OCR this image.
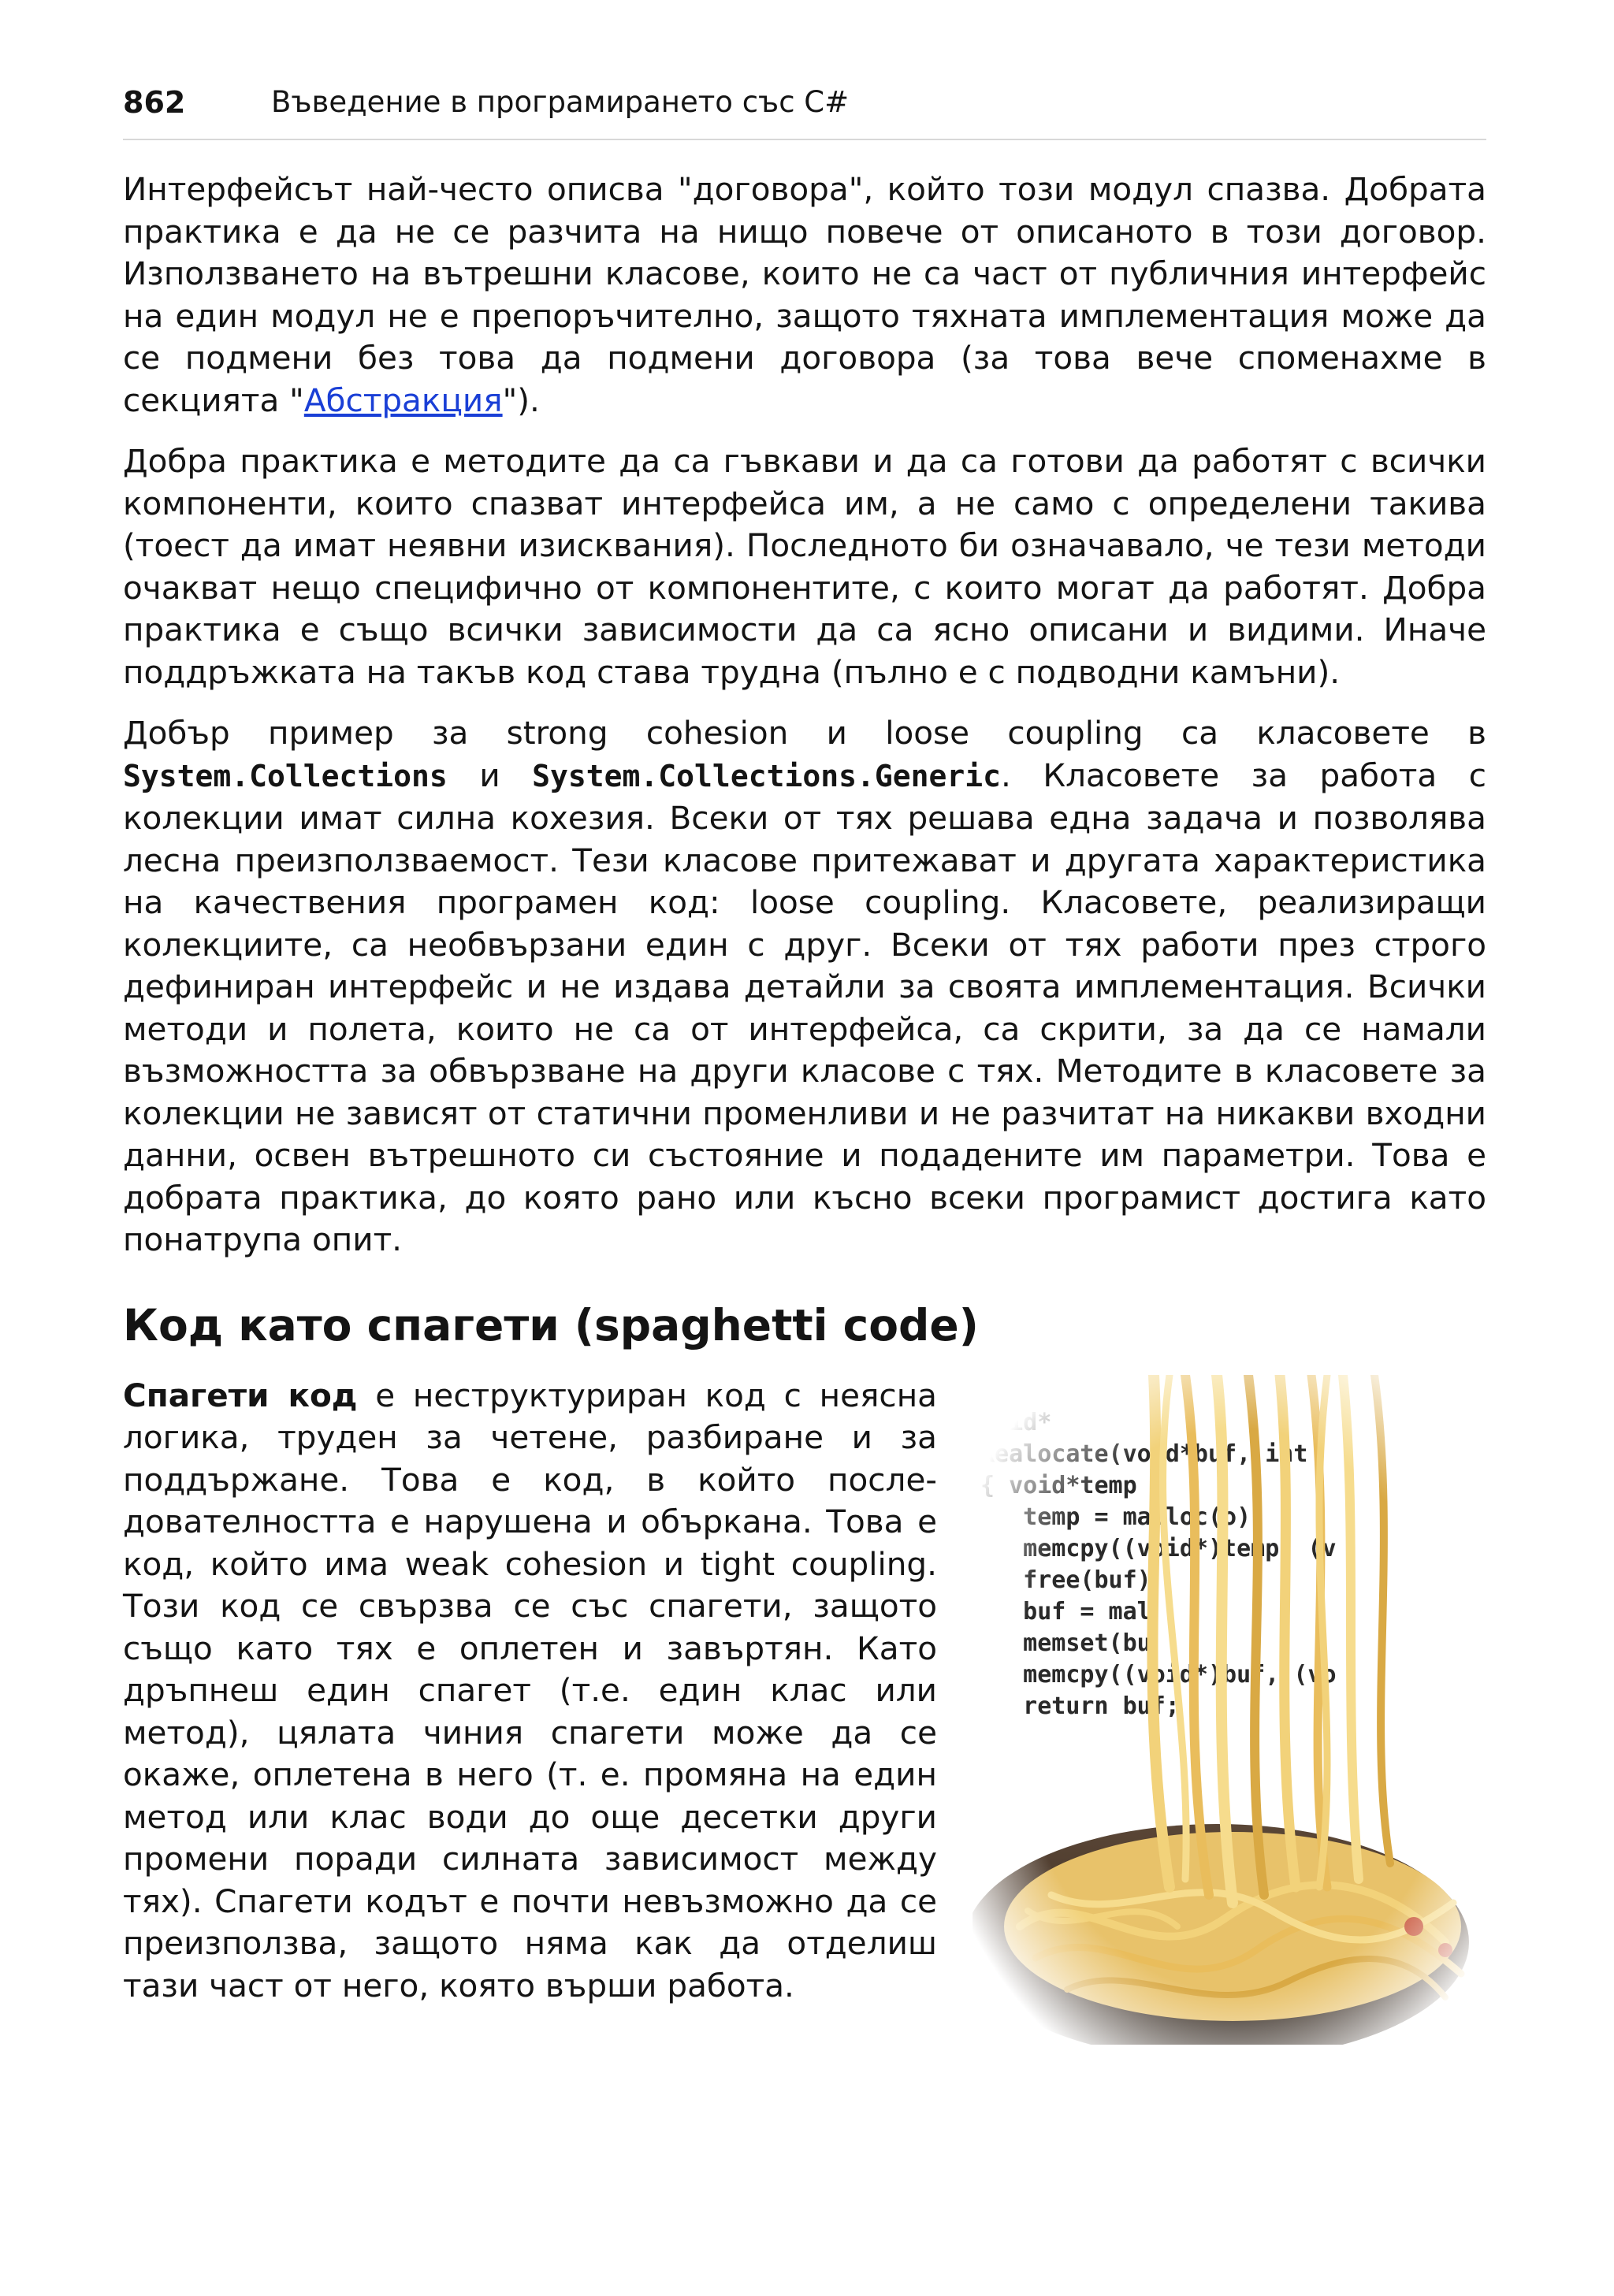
862	Въведение в програмирането със C#

Интерфейсът най-често описва "договора", който този модул спазва. Добрата практика е да не се разчита на нищо повече от описаното в този договор. Използването на вътрешни класове, които не са част от публичния интерфейс на един модул не е препоръчително, защото тяхната имплементация може да се подмени без това да подмени договора (за това вече споменахме в секцията "Абстракция").

Добра практика е методите да са гъвкави и да са готови да работят с всички компоненти, които спазват интерфейса им, а не само с определени такива (тоест да имат неявни изисквания). Последното би означавало, че тези методи очакват нещо специфично от компонентите, с които могат да работят. Добра практика е също всички зависимости да са ясно описани и видими. Иначе поддръжката на такъв код става трудна (пълно е с подводни камъни).

Добър пример за strong cohesion и loose coupling са класовете в System.Collections и System.Collections.Generic. Класовете за работа с колекции имат силна кохезия. Всеки от тях решава една задача и позволява лесна преизползваемост. Тези класове притежават и другата характеристика на качествения програмен код: loose coupling. Класовете, реализиращи колекциите, са необвързани един с друг. Всеки от тях работи през строго дефиниран интерфейс и не издава детайли за своята имплементация. Всички методи и полета, които не са от интерфейса, са скрити, за да се намали възможността за обвързване на други класове с тях. Методите в класовете за колекции не зависят от статични променливи и не разчитат на никакви входни данни, освен вътрешното си състояние и подадените им параметри. Това е добрата практика, до която рано или късно всеки програмист достига като понатрупа опит.

Код като спагети (spaghetti code)

Спагети код е неструктуриран код с неясна логика, труден за четене, разбиране и за поддържане. Това е код, в който последователността е нарушена и объркана. Това е код, който има weak cohesion и tight coupling. Този код се свързва се със спагети, защото също като тях е оплетен и завъртян. Като дръпнеш един спагет (т.е. един клас или метод), цялата чиния спагети може да се окаже, оплетена в него (т. е. промяна на един метод или клас води до още десетки други промени поради силната зависимост между тях). Спагети кодът е почти невъзможно да се преизползва, защото няма как да отделиш тази част от него, която върши работа.
